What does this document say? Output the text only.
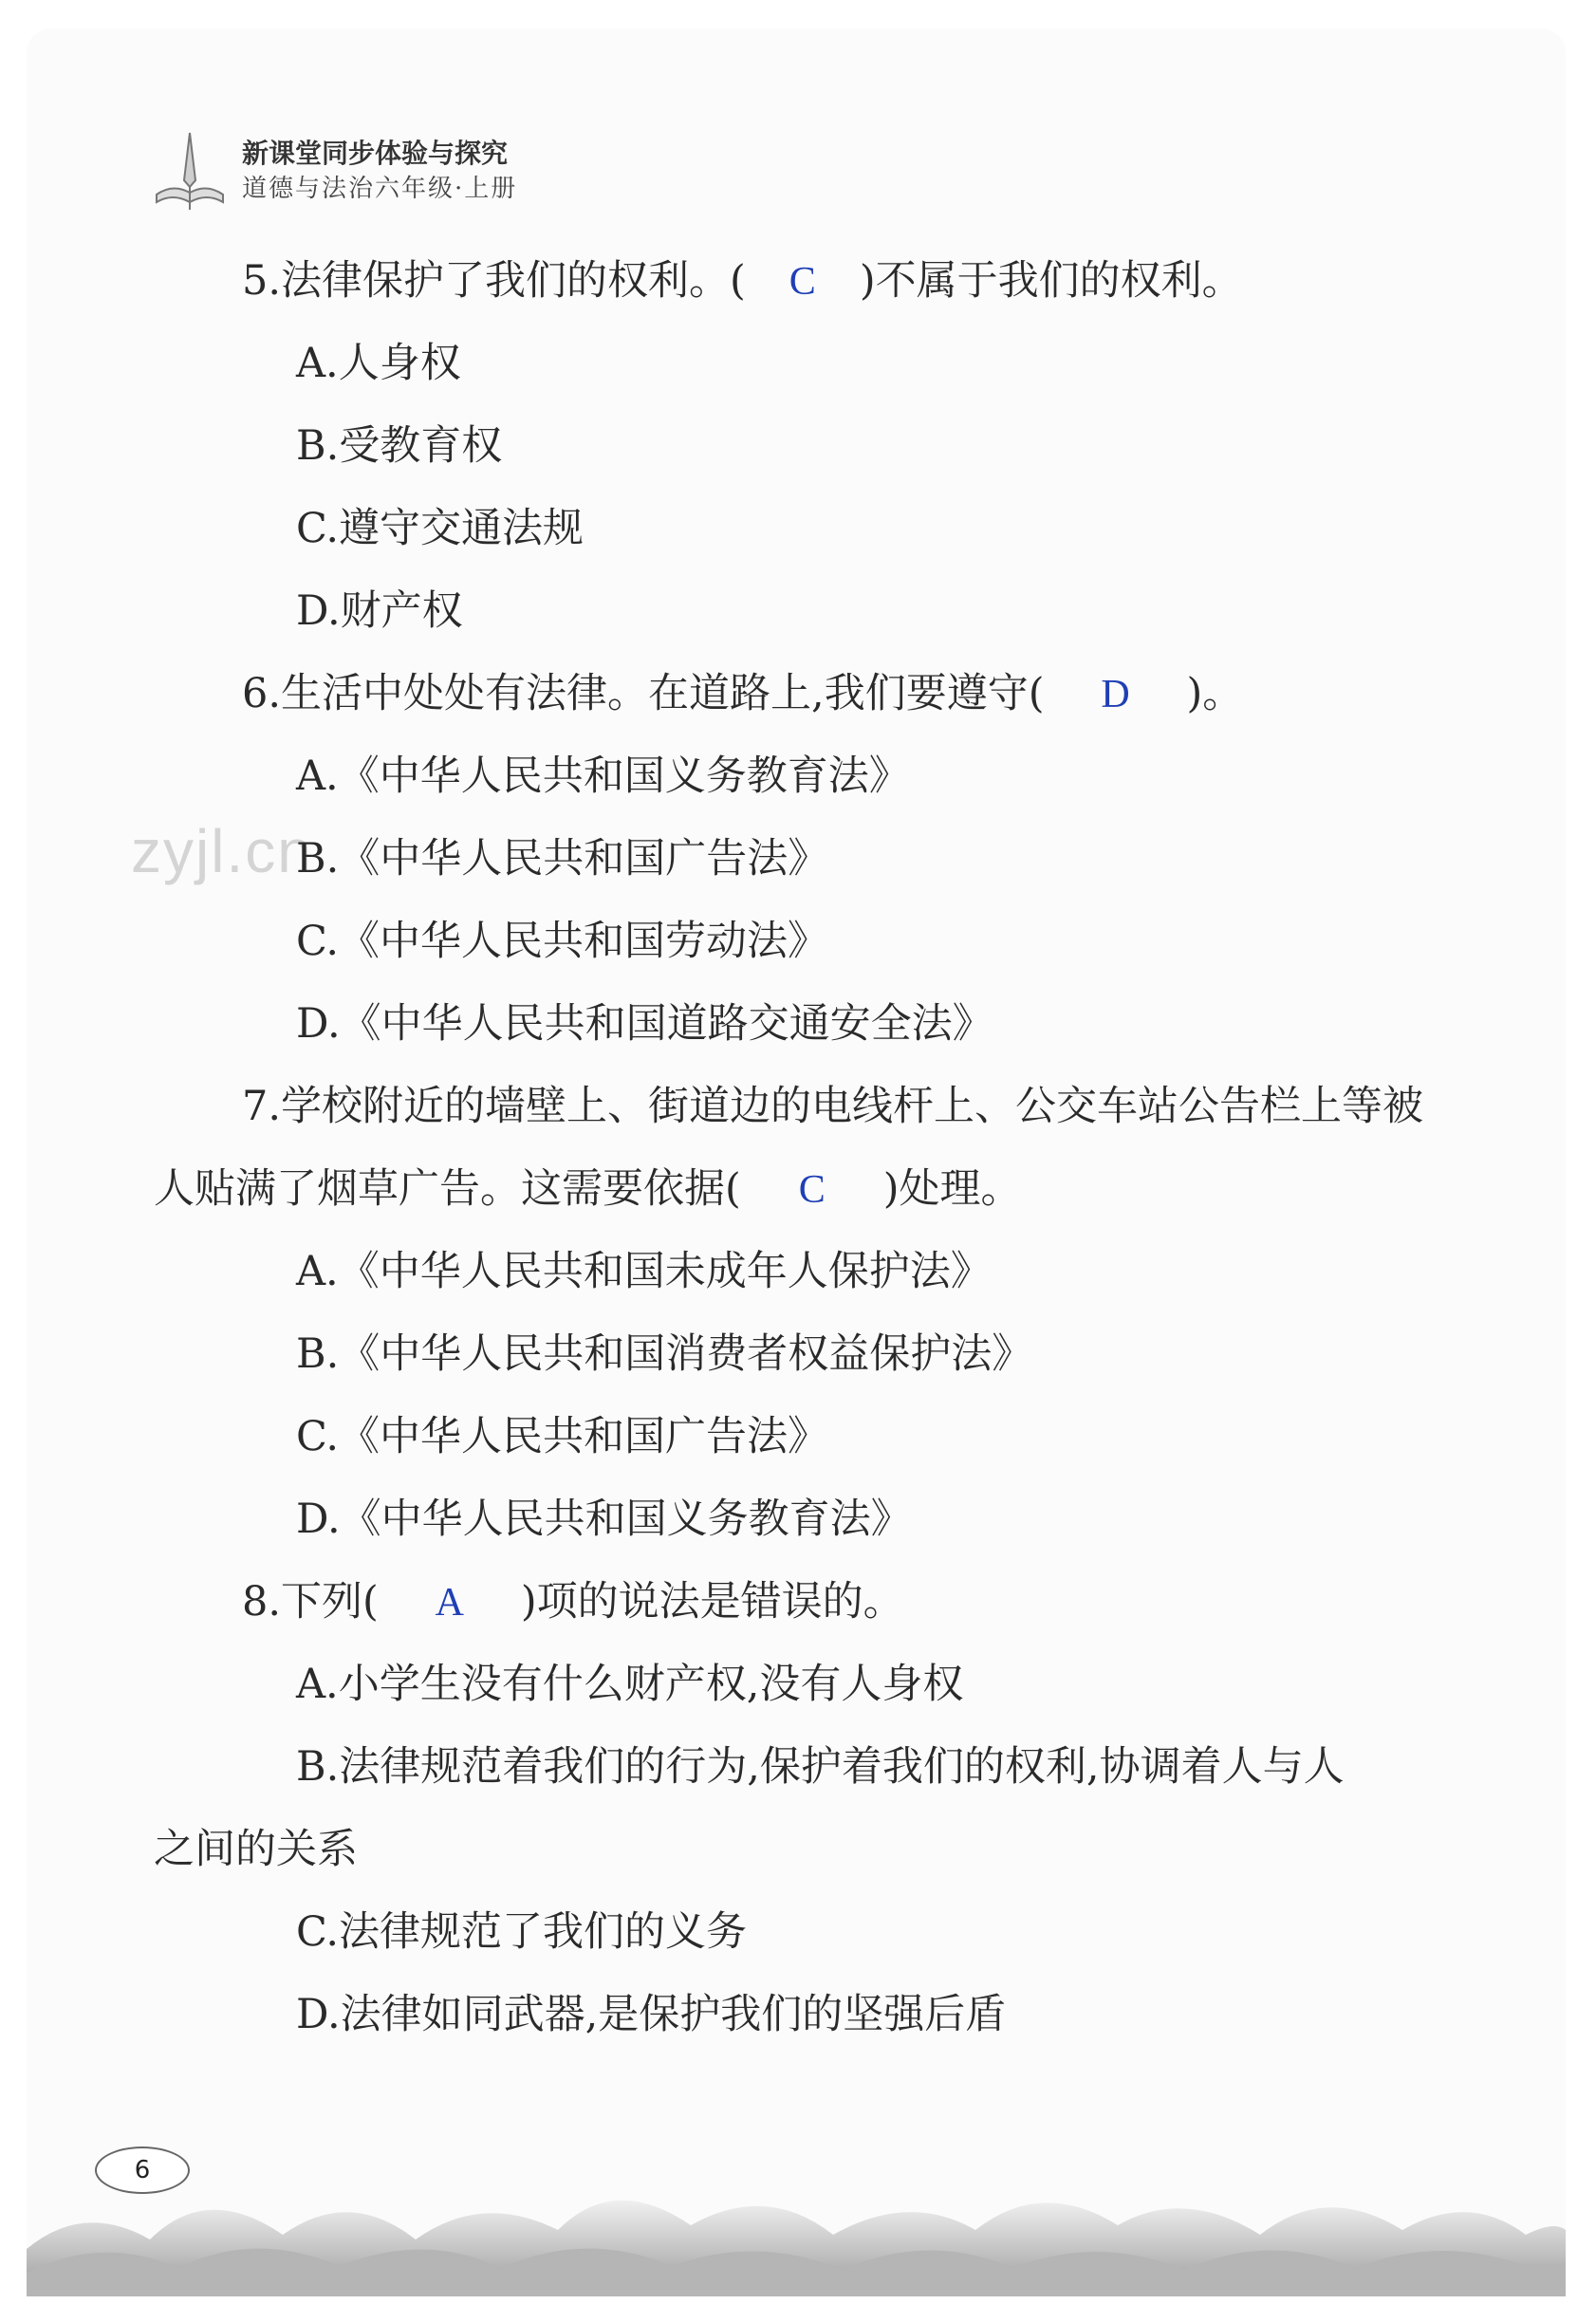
新课堂同步体验与探究
道德与法治六年级·上册
zyjl.cn
5.法律保护了我们的权利。( C )不属于我们的权利。
A.人身权
B.受教育权
C.遵守交通法规
D.财产权
6.生活中处处有法律。在道路上,我们要遵守( D )。
A.《中华人民共和国义务教育法》
B.《中华人民共和国广告法》
C.《中华人民共和国劳动法》
D.《中华人民共和国道路交通安全法》
7.学校附近的墙壁上、街道边的电线杆上、公交车站公告栏上等被
人贴满了烟草广告。这需要依据( C )处理。
A.《中华人民共和国未成年人保护法》
B.《中华人民共和国消费者权益保护法》
C.《中华人民共和国广告法》
D.《中华人民共和国义务教育法》
8.下列( A )项的说法是错误的。
A.小学生没有什么财产权,没有人身权
B.法律规范着我们的行为,保护着我们的权利,协调着人与人
之间的关系
C.法律规范了我们的义务
D.法律如同武器,是保护我们的坚强后盾
6
